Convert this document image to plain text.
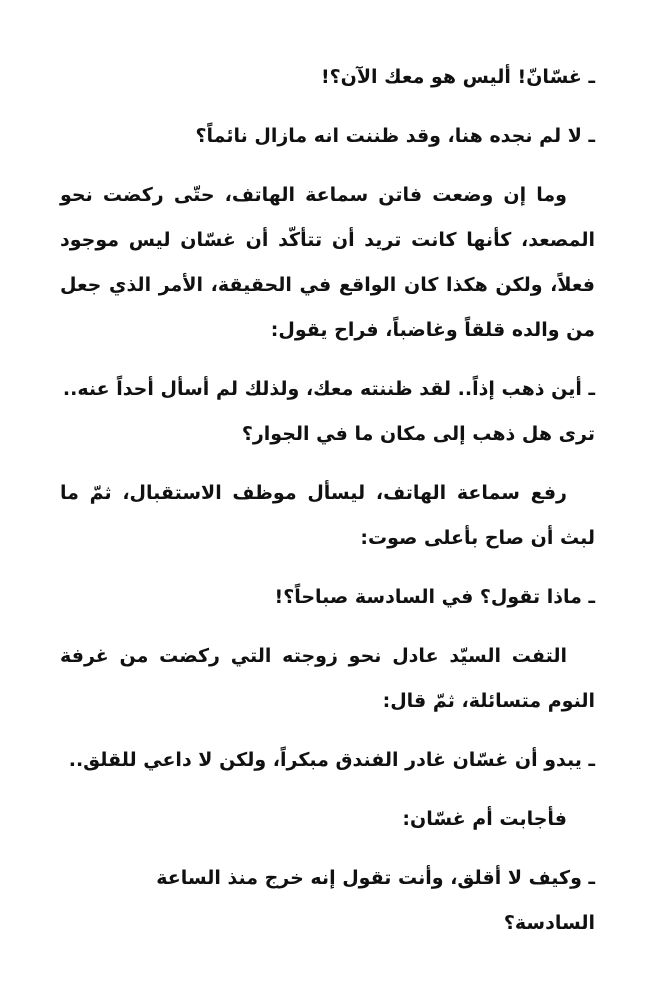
ـ غسّانّ! أليس هو معك الآن؟!

ـ لا لم نجده هنا، وقد ظننت انه مازال نائماً؟

وما إن وضعت فاتن سماعة الهاتف، حتّى ركضت نحو المصعد، كأنها كانت تريد أن تتأكّد أن غسّان ليس موجود فعلاً، ولكن هكذا كان الواقع في الحقيقة، الأمر الذي جعل من والده قلقاً وغاضباً، فراح يقول:

ـ أين ذهب إذاً.. لقد ظننته معك، ولذلك لم أسأل أحداً عنه.. ترى هل ذهب إلى مكان ما في الجوار؟

رفع سماعة الهاتف، ليسأل موظف الاستقبال، ثمّ ما لبث أن صاح بأعلى صوت:

ـ ماذا تقول؟ في السادسة صباحاً؟!

التفت السيّد عادل نحو زوجته التي ركضت من غرفة النوم متسائلة، ثمّ قال:

ـ يبدو أن غسّان غادر الفندق مبكراً، ولكن لا داعي للقلق..

فأجابت أم غسّان:

ـ وكيف لا أقلق، وأنت تقول إنه خرج منذ الساعة السادسة؟
